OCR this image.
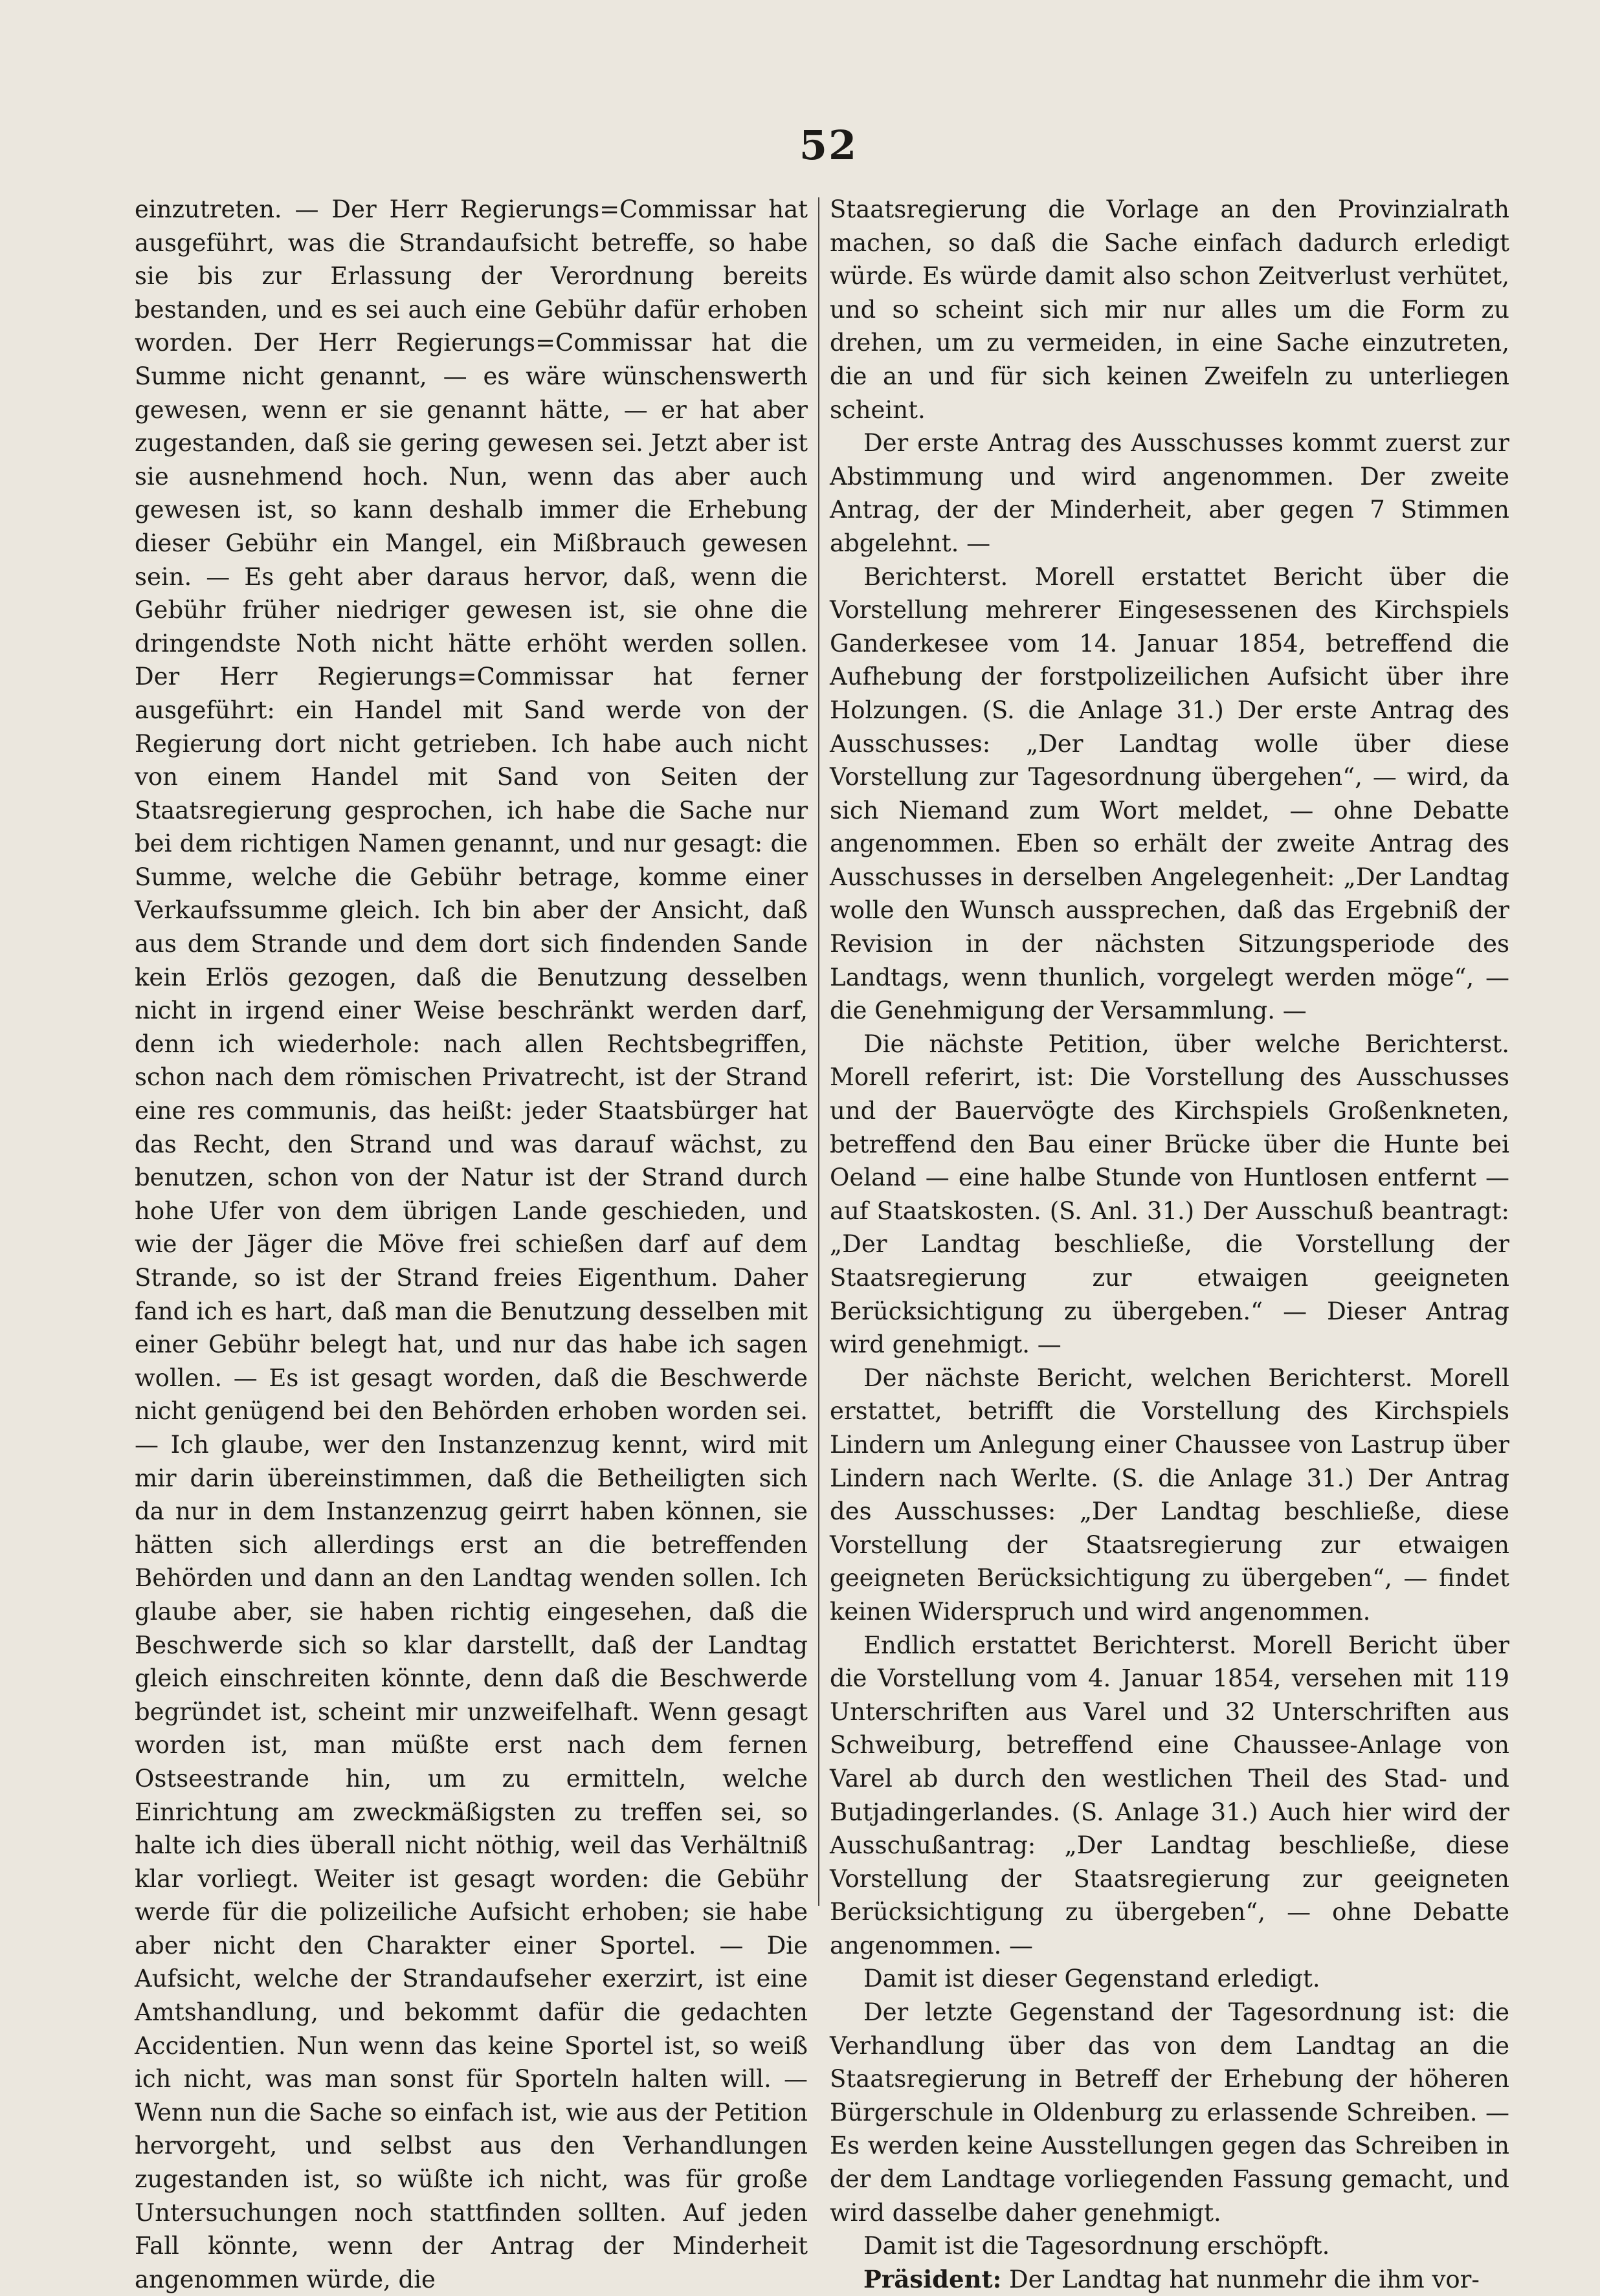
52

einzutreten. — Der Herr Regierungs=Commissar hat ausgeführt, was die Strandaufsicht betreffe, so habe sie bis zur Erlassung der Verordnung bereits bestanden, und es sei auch eine Gebühr dafür erhoben worden. Der Herr Regierungs=Commissar hat die Summe nicht genannt, — es wäre wünschenswerth gewesen, wenn er sie genannt hätte, — er hat aber zugestanden, daß sie gering gewesen sei. Jetzt aber ist sie ausnehmend hoch. Nun, wenn das aber auch gewesen ist, so kann deshalb immer die Erhebung dieser Gebühr ein Mangel, ein Mißbrauch gewesen sein. — Es geht aber daraus hervor, daß, wenn die Gebühr früher niedriger gewesen ist, sie ohne die dringendste Noth nicht hätte erhöht werden sollen. Der Herr Regierungs=Commissar hat ferner ausgeführt: ein Handel mit Sand werde von der Regierung dort nicht getrieben. Ich habe auch nicht von einem Handel mit Sand von Seiten der Staatsregierung gesprochen, ich habe die Sache nur bei dem richtigen Namen genannt, und nur gesagt: die Summe, welche die Gebühr betrage, komme einer Verkaufssumme gleich. Ich bin aber der Ansicht, daß aus dem Strande und dem dort sich findenden Sande kein Erlös gezogen, daß die Benutzung desselben nicht in irgend einer Weise beschränkt werden darf, denn ich wiederhole: nach allen Rechtsbegriffen, schon nach dem römischen Privatrecht, ist der Strand eine res communis, das heißt: jeder Staatsbürger hat das Recht, den Strand und was darauf wächst, zu benutzen, schon von der Natur ist der Strand durch hohe Ufer von dem übrigen Lande geschieden, und wie der Jäger die Möve frei schießen darf auf dem Strande, so ist der Strand freies Eigenthum. Daher fand ich es hart, daß man die Benutzung desselben mit einer Gebühr belegt hat, und nur das habe ich sagen wollen. — Es ist gesagt worden, daß die Beschwerde nicht genügend bei den Behörden erhoben worden sei. — Ich glaube, wer den Instanzenzug kennt, wird mit mir darin übereinstimmen, daß die Betheiligten sich da nur in dem Instanzenzug geirrt haben können, sie hätten sich allerdings erst an die betreffenden Behörden und dann an den Landtag wenden sollen. Ich glaube aber, sie haben richtig eingesehen, daß die Beschwerde sich so klar darstellt, daß der Landtag gleich einschreiten könnte, denn daß die Beschwerde begründet ist, scheint mir unzweifelhaft. Wenn gesagt worden ist, man müßte erst nach dem fernen Ostseestrande hin, um zu ermitteln, welche Einrichtung am zweckmäßigsten zu treffen sei, so halte ich dies überall nicht nöthig, weil das Verhältniß klar vorliegt. Weiter ist gesagt worden: die Gebühr werde für die polizeiliche Aufsicht erhoben; sie habe aber nicht den Charakter einer Sportel. — Die Aufsicht, welche der Strandaufseher exerzirt, ist eine Amtshandlung, und bekommt dafür die gedachten Accidentien. Nun wenn das keine Sportel ist, so weiß ich nicht, was man sonst für Sporteln halten will. — Wenn nun die Sache so einfach ist, wie aus der Petition hervorgeht, und selbst aus den Verhandlungen zugestanden ist, so wüßte ich nicht, was für große Untersuchungen noch stattfinden sollten. Auf jeden Fall könnte, wenn der Antrag der Minderheit angenommen würde, die

Staatsregierung die Vorlage an den Provinzialrath machen, so daß die Sache einfach dadurch erledigt würde. Es würde damit also schon Zeitverlust verhütet, und so scheint sich mir nur alles um die Form zu drehen, um zu vermeiden, in eine Sache einzutreten, die an und für sich keinen Zweifeln zu unterliegen scheint.

Der erste Antrag des Ausschusses kommt zuerst zur Abstimmung und wird angenommen. Der zweite Antrag, der der Minderheit, aber gegen 7 Stimmen abgelehnt. —

Berichterst. Morell erstattet Bericht über die Vorstellung mehrerer Eingesessenen des Kirchspiels Ganderkesee vom 14. Januar 1854, betreffend die Aufhebung der forstpolizeilichen Aufsicht über ihre Holzungen. (S. die Anlage 31.) Der erste Antrag des Ausschusses: „Der Landtag wolle über diese Vorstellung zur Tagesordnung übergehen“, — wird, da sich Niemand zum Wort meldet, — ohne Debatte angenommen. Eben so erhält der zweite Antrag des Ausschusses in derselben Angelegenheit: „Der Landtag wolle den Wunsch aussprechen, daß das Ergebniß der Revision in der nächsten Sitzungsperiode des Landtags, wenn thunlich, vorgelegt werden möge“, — die Genehmigung der Versammlung. —

Die nächste Petition, über welche Berichterst. Morell referirt, ist: Die Vorstellung des Ausschusses und der Bauervögte des Kirchspiels Großenkneten, betreffend den Bau einer Brücke über die Hunte bei Oeland — eine halbe Stunde von Huntlosen entfernt — auf Staatskosten. (S. Anl. 31.) Der Ausschuß beantragt: „Der Landtag beschließe, die Vorstellung der Staatsregierung zur etwaigen geeigneten Berücksichtigung zu übergeben.“ — Dieser Antrag wird genehmigt. —

Der nächste Bericht, welchen Berichterst. Morell erstattet, betrifft die Vorstellung des Kirchspiels Lindern um Anlegung einer Chaussee von Lastrup über Lindern nach Werlte. (S. die Anlage 31.) Der Antrag des Ausschusses: „Der Landtag beschließe, diese Vorstellung der Staatsregierung zur etwaigen geeigneten Berücksichtigung zu übergeben“, — findet keinen Widerspruch und wird angenommen.

Endlich erstattet Berichterst. Morell Bericht über die Vorstellung vom 4. Januar 1854, versehen mit 119 Unterschriften aus Varel und 32 Unterschriften aus Schweiburg, betreffend eine Chaussee-Anlage von Varel ab durch den westlichen Theil des Stad- und Butjadingerlandes. (S. Anlage 31.) Auch hier wird der Ausschußantrag: „Der Landtag beschließe, diese Vorstellung der Staatsregierung zur geeigneten Berücksichtigung zu übergeben“, — ohne Debatte angenommen. —

Damit ist dieser Gegenstand erledigt.

Der letzte Gegenstand der Tagesordnung ist: die Verhandlung über das von dem Landtag an die Staatsregierung in Betreff der Erhebung der höheren Bürgerschule in Oldenburg zu erlassende Schreiben. — Es werden keine Ausstellungen gegen das Schreiben in der dem Landtage vorliegenden Fassung gemacht, und wird dasselbe daher genehmigt.

Damit ist die Tagesordnung erschöpft.

Präsident: Der Landtag hat nunmehr die ihm vor-
